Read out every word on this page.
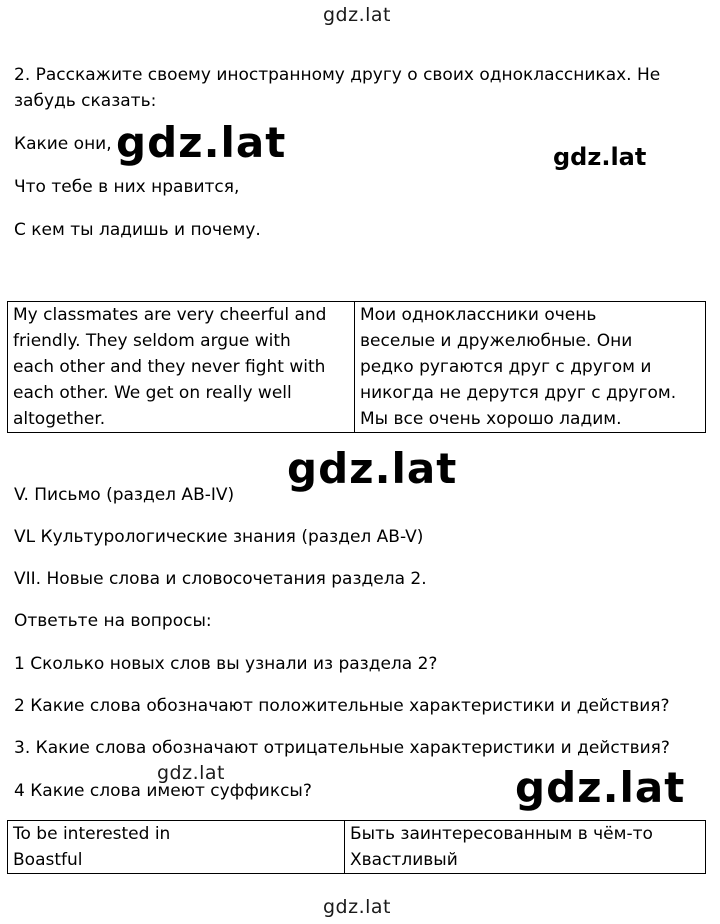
gdz.lat
2. Расскажите своему иностранному другу о своих одноклассниках. Не
забудь сказать:
Какие они,
Что тебе в них нравится,
С кем ты ладишь и почему.
gdz.lat	gdz.lat
My classmates are very cheerful and
friendly. They seldom argue with
each other and they never fight with
each other. We get on really well
altogether.

Мои одноклассники очень
веселые и дружелюбные. Они
редко ругаются друг с другом и
никогда не дерутся друг с другом.
Мы все очень хорошо ладим.
gdz.lat
V. Письмо (раздел AB-IV)
VL Культурологические знания (раздел AB-V)
VII. Новые слова и словосочетания раздела 2.
Ответьте на вопросы:
1 Сколько новых слов вы узнали из раздела 2?
2 Какие слова обозначают положительные характеристики и действия?
3. Какие слова обозначают отрицательные характеристики и действия?
4 Какие слова имеют суффиксы?
gdz.lat	gdz.lat
To be interested in
Boastful

Быть заинтересованным в чём-то
Хвастливый
gdz.lat
